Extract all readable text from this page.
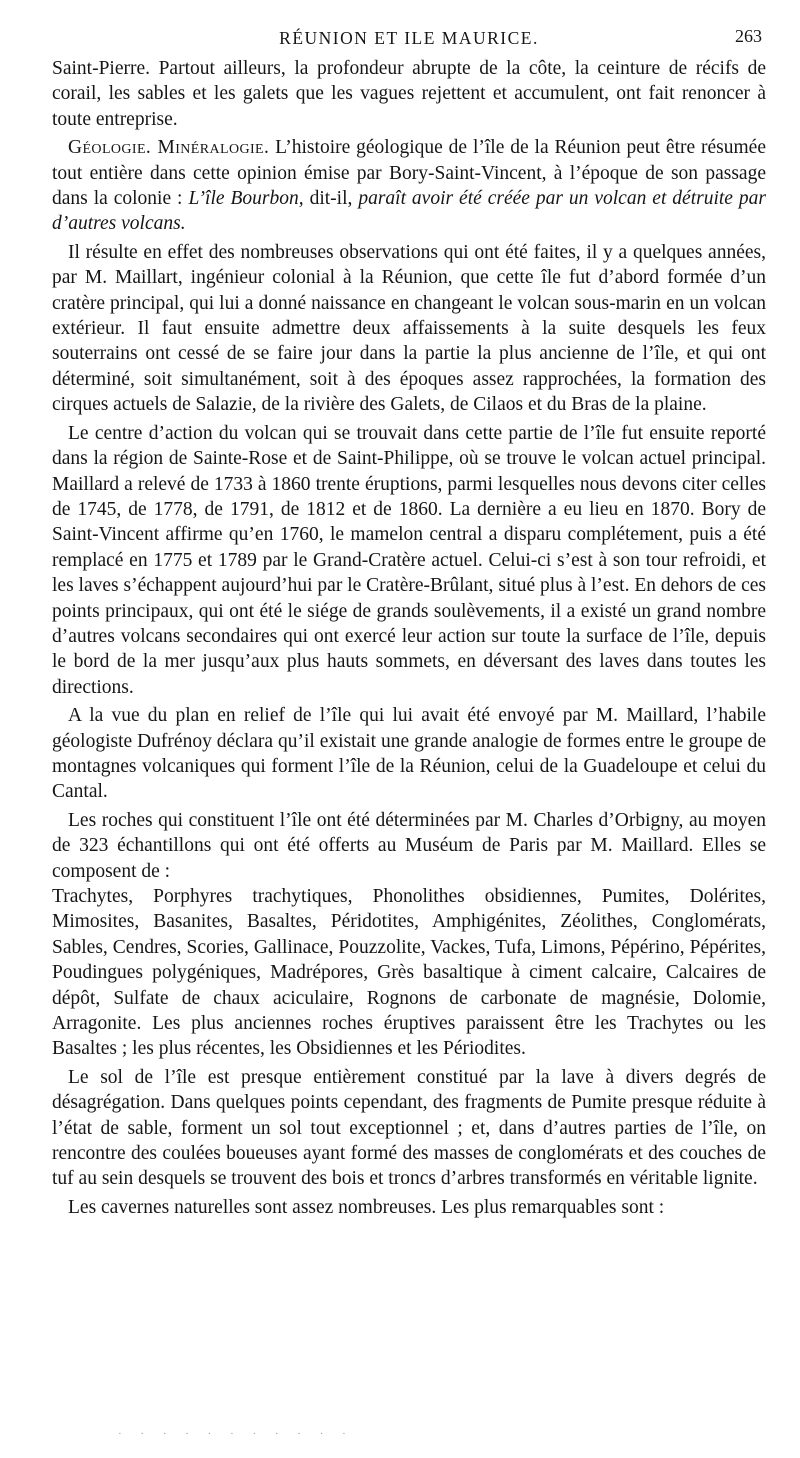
RÉUNION ET ILE MAURICE.	263

Saint-Pierre. Partout ailleurs, la profondeur abrupte de la côte, la ceinture de récifs de corail, les sables et les galets que les vagues rejettent et accumulent, ont fait renoncer à toute entreprise.

Géologie. Minéralogie. L’histoire géologique de l’île de la Réunion peut être résumée tout entière dans cette opinion émise par Bory-Saint-Vincent, à l’époque de son passage dans la colonie : L’île Bourbon, dit-il, paraît avoir été créée par un volcan et détruite par d’autres volcans.

Il résulte en effet des nombreuses observations qui ont été faites, il y a quelques années, par M. Maillart, ingénieur colonial à la Réunion, que cette île fut d’abord formée d’un cratère principal, qui lui a donné naissance en changeant le volcan sous-marin en un volcan extérieur. Il faut ensuite admettre deux affaissements à la suite desquels les feux souterrains ont cessé de se faire jour dans la partie la plus ancienne de l’île, et qui ont déterminé, soit simultanément, soit à des époques assez rapprochées, la formation des cirques actuels de Salazie, de la rivière des Galets, de Cilaos et du Bras de la plaine.

Le centre d’action du volcan qui se trouvait dans cette partie de l’île fut ensuite reporté dans la région de Sainte-Rose et de Saint-Philippe, où se trouve le volcan actuel principal. Maillard a relevé de 1733 à 1860 trente éruptions, parmi lesquelles nous devons citer celles de 1745, de 1778, de 1791, de 1812 et de 1860. La dernière a eu lieu en 1870. Bory de Saint-Vincent affirme qu’en 1760, le mamelon central a disparu complétement, puis a été remplacé en 1775 et 1789 par le Grand-Cratère actuel. Celui-ci s’est à son tour refroidi, et les laves s’échappent aujourd’hui par le Cratère-Brûlant, situé plus à l’est. En dehors de ces points principaux, qui ont été le siége de grands soulèvements, il a existé un grand nombre d’autres volcans secondaires qui ont exercé leur action sur toute la surface de l’île, depuis le bord de la mer jusqu’aux plus hauts sommets, en déversant des laves dans toutes les directions.

A la vue du plan en relief de l’île qui lui avait été envoyé par M. Maillard, l’habile géologiste Dufrénoy déclara qu’il existait une grande analogie de formes entre le groupe de montagnes volcaniques qui forment l’île de la Réunion, celui de la Guadeloupe et celui du Cantal.

Les roches qui constituent l’île ont été déterminées par M. Charles d’Orbigny, au moyen de 323 échantillons qui ont été offerts au Muséum de Paris par M. Maillard. Elles se composent de :

Trachytes, Porphyres trachytiques, Phonolithes obsidiennes, Pumites, Dolérites, Mimosites, Basanites, Basaltes, Péridotites, Amphigénites, Zéolithes, Conglomérats, Sables, Cendres, Scories, Gallinace, Pouzzolite, Vackes, Tufa, Limons, Pépérino, Pépérites, Poudingues polygéniques, Madrépores, Grès basaltique à ciment calcaire, Calcaires de dépôt, Sulfate de chaux aciculaire, Rognons de carbonate de magnésie, Dolomie, Arragonite. Les plus anciennes roches éruptives paraissent être les Trachytes ou les Basaltes ; les plus récentes, les Obsidiennes et les Périodites.

Le sol de l’île est presque entièrement constitué par la lave à divers degrés de désagrégation. Dans quelques points cependant, des fragments de Pumite presque réduite à l’état de sable, forment un sol tout exceptionnel ; et, dans d’autres parties de l’île, on rencontre des coulées boueuses ayant formé des masses de conglomérats et des couches de tuf au sein desquels se trouvent des bois et troncs d’arbres transformés en véritable lignite.

Les cavernes naturelles sont assez nombreuses. Les plus remarquables sont :

· · · · · · · · · · ·
